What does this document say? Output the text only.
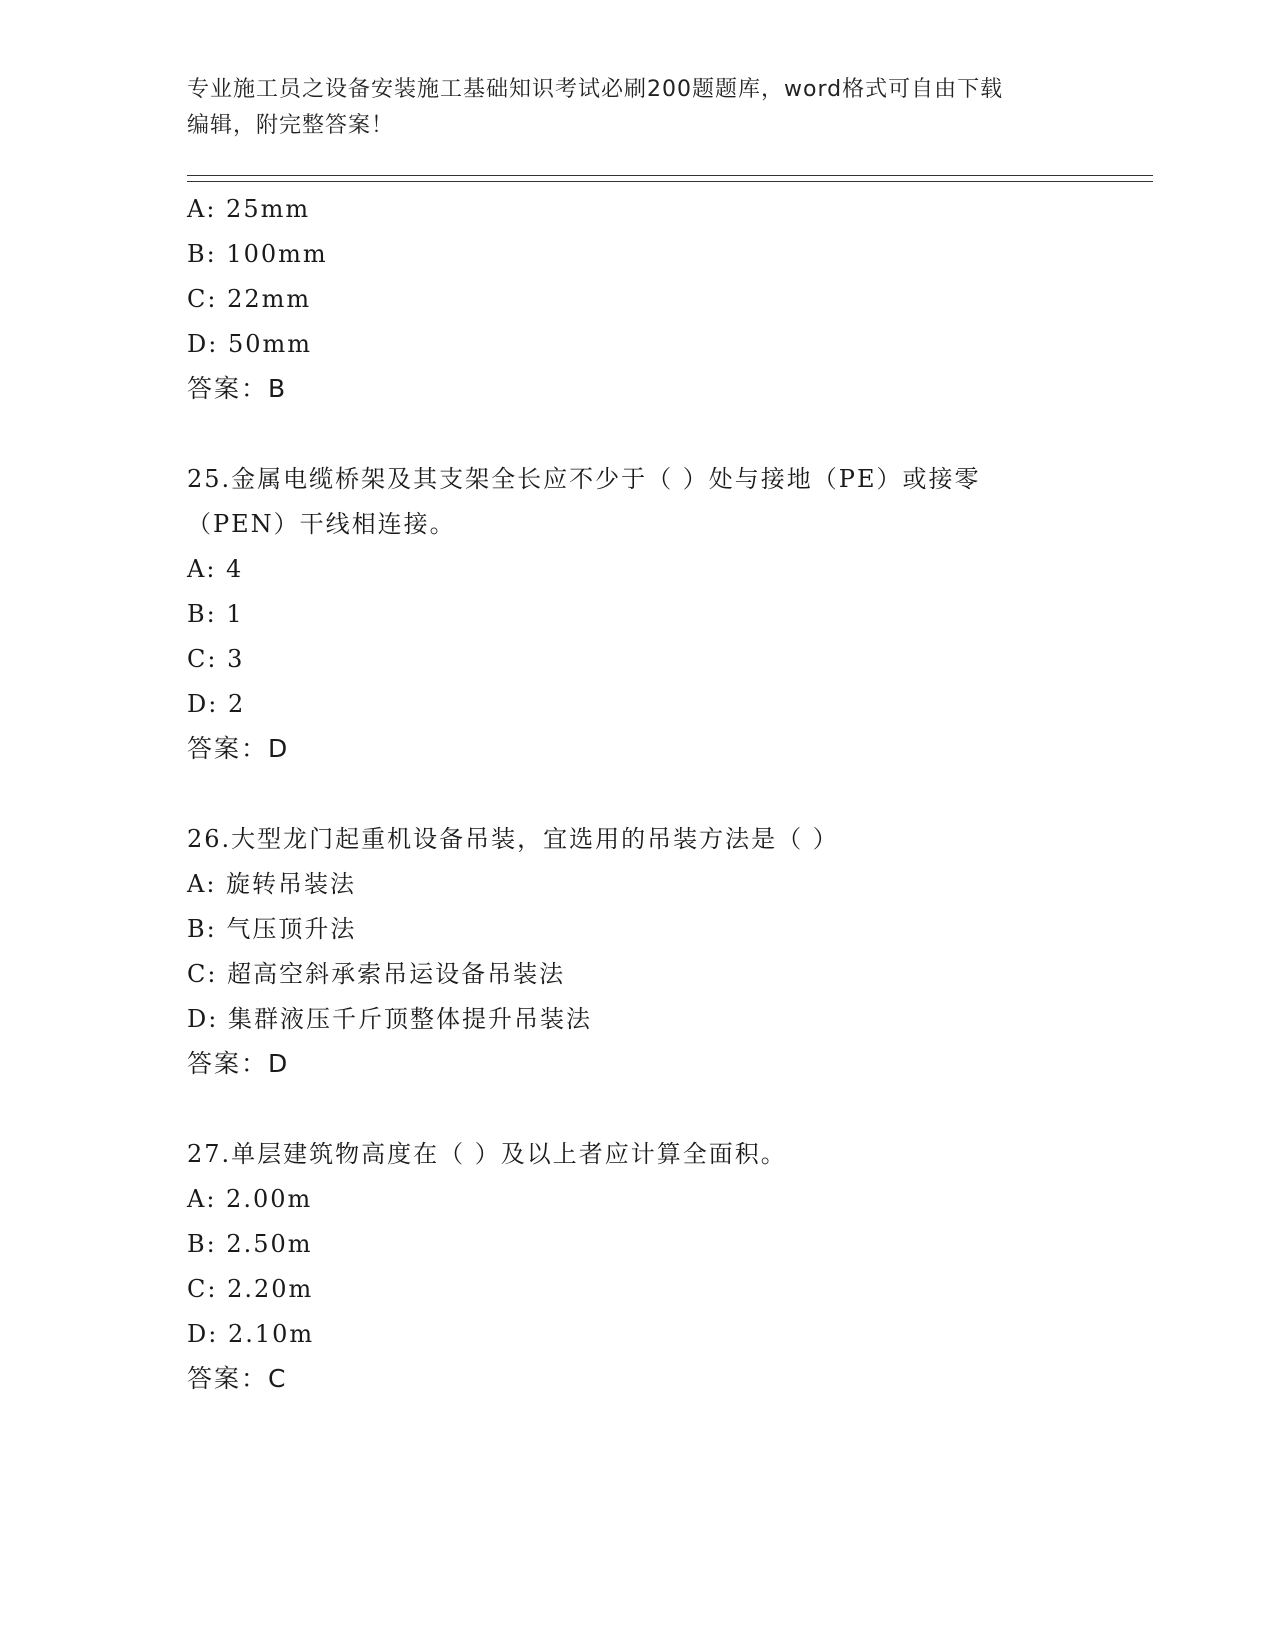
专业施工员之设备安装施工基础知识考试必刷200题题库，word格式可自由下载
编辑，附完整答案！
A: 25mm
B: 100mm
C: 22mm
D: 50mm
答案：B
25.金属电缆桥架及其支架全长应不少于（ ）处与接地（PE）或接零
（PEN）干线相连接。
A: 4
B: 1
C: 3
D: 2
答案：D
26.大型龙门起重机设备吊装，宜选用的吊装方法是（ ）
A: 旋转吊装法
B: 气压顶升法
C: 超高空斜承索吊运设备吊装法
D: 集群液压千斤顶整体提升吊装法
答案：D
27.单层建筑物高度在（ ）及以上者应计算全面积。
A: 2.00m
B: 2.50m
C: 2.20m
D: 2.10m
答案：C
